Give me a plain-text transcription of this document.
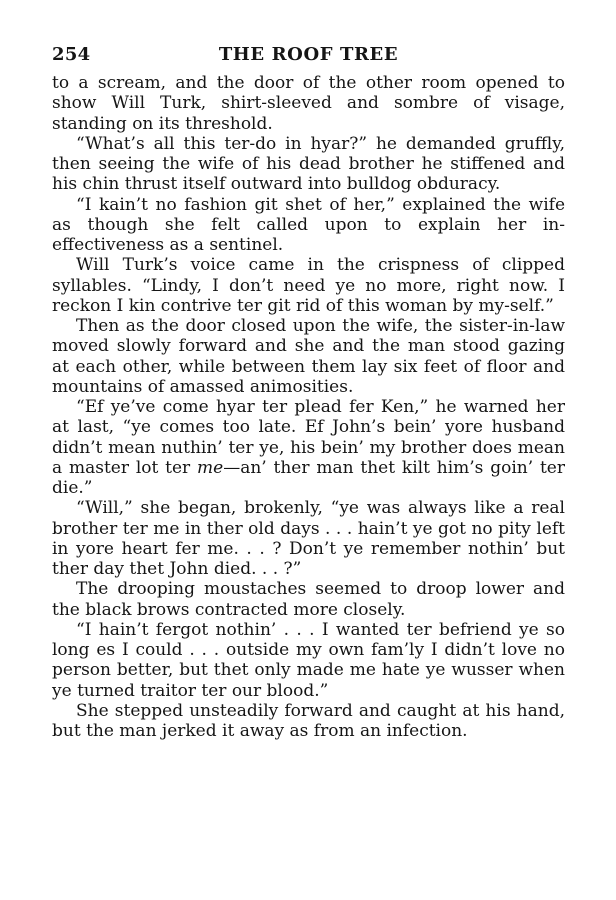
254	THE ROOF TREE

to a scream, and the door of the other room opened to show Will Turk, shirt-sleeved and sombre of visage, standing on its threshold.

“What’s all this ter-do in hyar?” he demanded gruffly, then seeing the wife of his dead brother he stiffened and his chin thrust itself outward into bulldog obduracy.

“I kain’t no fashion git shet of her,” explained the wife as though she felt called upon to explain her in-effectiveness as a sentinel.

Will Turk’s voice came in the crispness of clipped syllables. “Lindy, I don’t need ye no more, right now. I reckon I kin contrive ter git rid of this woman by my-self.”

Then as the door closed upon the wife, the sister-in-law moved slowly forward and she and the man stood gazing at each other, while between them lay six feet of floor and mountains of amassed animosities.

“Ef ye’ve come hyar ter plead fer Ken,” he warned her at last, “ye comes too late. Ef John’s bein’ yore husband didn’t mean nuthin’ ter ye, his bein’ my brother does mean a master lot ter me—an’ ther man thet kilt him’s goin’ ter die.”

“Will,” she began, brokenly, “ye was always like a real brother ter me in ther old days . . . hain’t ye got no pity left in yore heart fer me. . . ? Don’t ye remember nothin’ but ther day thet John died. . . ?”

The drooping moustaches seemed to droop lower and the black brows contracted more closely.

“I hain’t fergot nothin’ . . . I wanted ter befriend ye so long es I could . . . outside my own fam’ly I didn’t love no person better, but thet only made me hate ye wusser when ye turned traitor ter our blood.”

She stepped unsteadily forward and caught at his hand, but the man jerked it away as from an infection.
